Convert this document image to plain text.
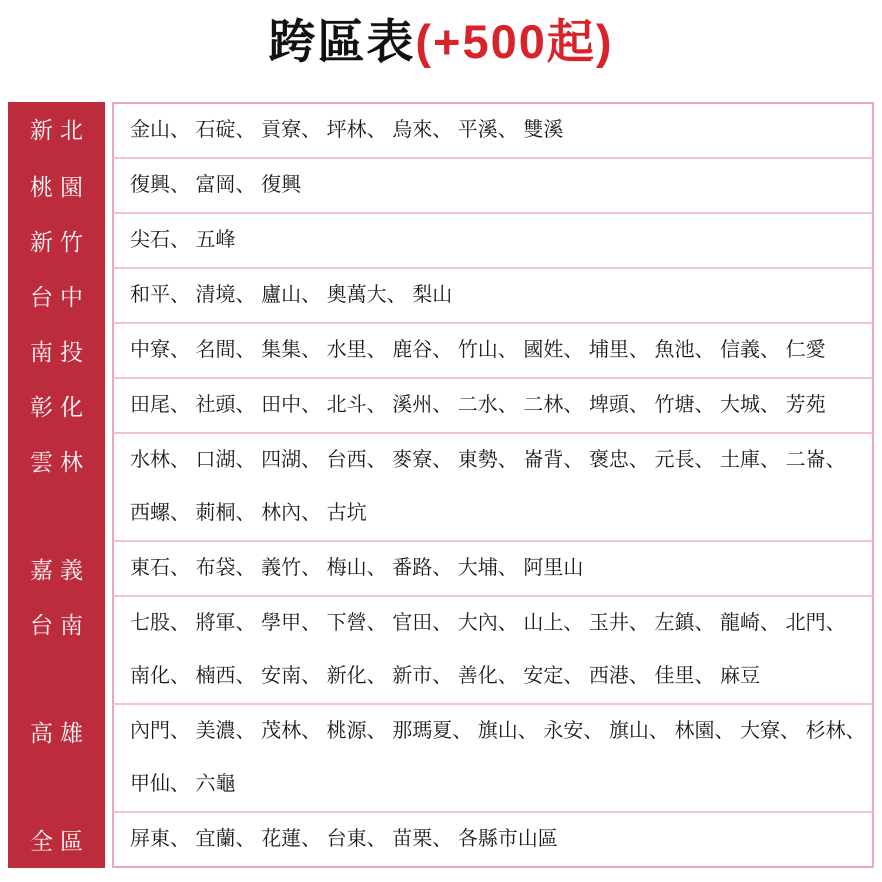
跨區表(+500起)
新北 金山、 石碇、 貢寮、 坪林、 烏來、 平溪、 雙溪
桃園 復興、 富岡、 復興
新竹 尖石、 五峰
台中 和平、 清境、 廬山、 奧萬大、 梨山
南投 中寮、 名間、 集集、 水里、 鹿谷、 竹山、 國姓、 埔里、 魚池、 信義、 仁愛
彰化 田尾、 社頭、 田中、 北斗、 溪州、 二水、 二林、 埤頭、 竹塘、 大城、 芳苑
雲林 水林、 口湖、 四湖、 台西、 麥寮、 東勢、 崙背、 褒忠、 元長、 土庫、 二崙、
西螺、 莿桐、 林內、 古坑
嘉義 東石、 布袋、 義竹、 梅山、 番路、 大埔、 阿里山
台南 七股、 將軍、 學甲、 下營、 官田、 大內、 山上、 玉井、 左鎮、 龍崎、 北門、
南化、 楠西、 安南、 新化、 新市、 善化、 安定、 西港、 佳里、 麻豆
高雄 內門、 美濃、 茂林、 桃源、 那瑪夏、 旗山、 永安、 旗山、 林園、 大寮、 杉林、
甲仙、 六龜
全區 屏東、 宜蘭、 花蓮、 台東、 苗栗、 各縣市山區
